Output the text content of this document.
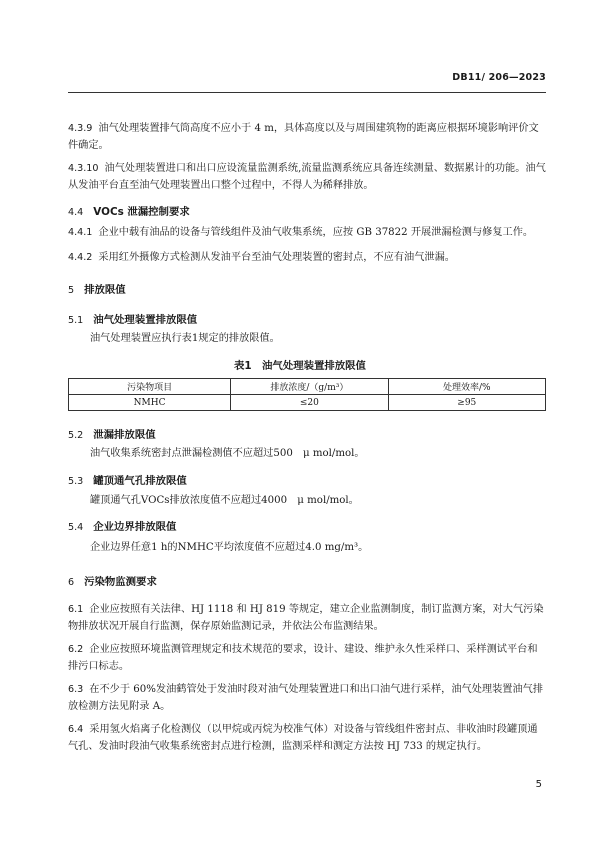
DB11/ 206—2023
4.3.9 油气处理装置排气筒高度不应小于 4 m，具体高度以及与周围建筑物的距离应根据环境影响评价文件确定。
4.3.10 油气处理装置进口和出口应设流量监测系统,流量监测系统应具备连续测量、数据累计的功能。油气从发油平台直至油气处理装置出口整个过程中，不得人为稀释排放。
4.4 VOCs 泄漏控制要求
4.4.1 企业中载有油品的设备与管线组件及油气收集系统，应按 GB 37822 开展泄漏检测与修复工作。
4.4.2 采用红外摄像方式检测从发油平台至油气处理装置的密封点，不应有油气泄漏。
5 排放限值
5.1 油气处理装置排放限值
油气处理装置应执行表1规定的排放限值。
表1　油气处理装置排放限值
污染物项目	排放浓度/（g/m³）	处理效率/%
NMHC	≤20	≥95
5.2 泄漏排放限值
油气收集系统密封点泄漏检测值不应超过500　μ mol/mol。
5.3 罐顶通气孔排放限值
罐顶通气孔VOCs排放浓度值不应超过4000　μ mol/mol。
5.4 企业边界排放限值
企业边界任意1 h的NMHC平均浓度值不应超过4.0 mg/m³。
6 污染物监测要求
6.1 企业应按照有关法律、HJ 1118 和 HJ 819 等规定，建立企业监测制度，制订监测方案，对大气污染物排放状况开展自行监测，保存原始监测记录，并依法公布监测结果。
6.2 企业应按照环境监测管理规定和技术规范的要求，设计、建设、维护永久性采样口、采样测试平台和排污口标志。
6.3 在不少于 60%发油鹤管处于发油时段对油气处理装置进口和出口油气进行采样，油气处理装置油气排放检测方法见附录 A。
6.4 采用氢火焰离子化检测仪（以甲烷或丙烷为校准气体）对设备与管线组件密封点、非收油时段罐顶通气孔、发油时段油气收集系统密封点进行检测，监测采样和测定方法按 HJ 733 的规定执行。
5
